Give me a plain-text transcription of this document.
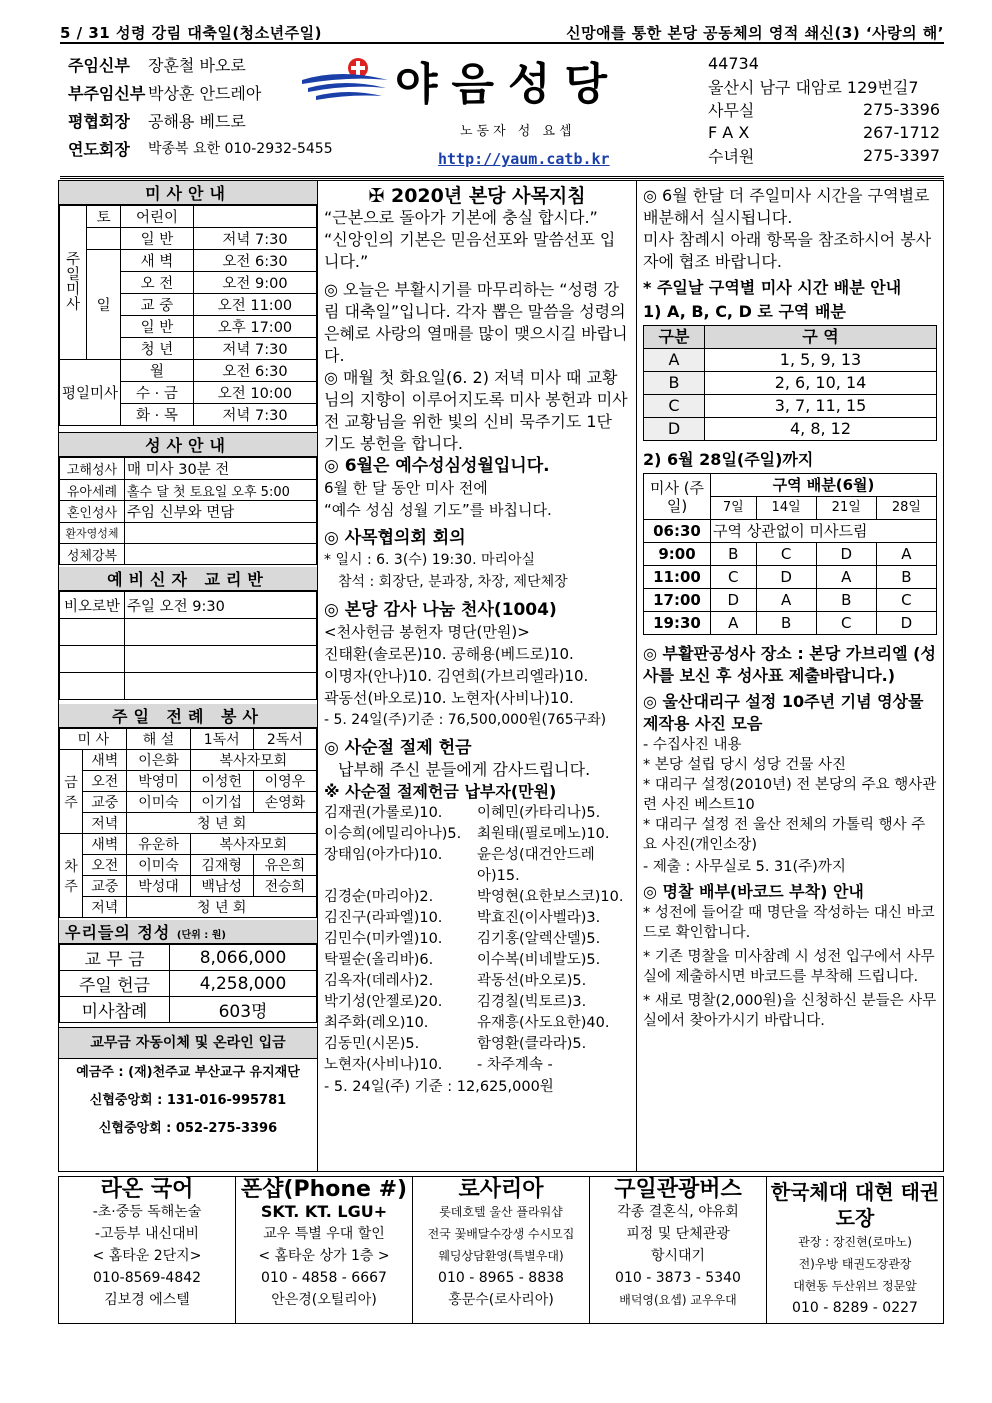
5 / 31 성령 강림 대축일(청소년주일)	신망애를 통한 본당 공동체의 영적 쇄신(3) ‘사랑의 해’
주임신부	장훈철 바오로
부주임신부 박상훈 안드레아
평협회장	공해용 베드로
연도회장	박종복 요한 010-2932-5455
야음성당
노동자 성 요셉
http://yaum.catb.kr
44734
울산시 남구 대암로 129번길7
사무실	275-3396
F A X	267-1712
수녀원	275-3397
미사안내
주일미사	토	어린이	
		일 반	저녁 7:30
	일	새 벽	오전 6:30
		오 전	오전 9:00
		교 중	오전 11:00
		일 반	오후 17:00
		청 년	저녁 7:30
평일미사		월	오전 6:30
		수 · 금	오전 10:00
		화 · 목	저녁 7:30
성사안내
고해성사	매 미사 30분 전
유아세례	홀수 달 첫 토요일 오후 5:00
혼인성사	주임 신부와 면담
환자영성체	
성체강복	
예비신자 교리반
비오로반	주일 오전 9:30

주일 전례 봉사
미 사		해 설	1독서	2독서
금주	새벽	이은화	복사자모회	
	오전	박영미	이성헌	이영우
	교중	이미숙	이기섭	손영화
	저녁	청 년 회		
차주	새벽	유운하	복사자모회	
	오전	이미숙	김재형	유은희
	교중	박성대	백남성	전승희
	저녁	청 년 회		
우리들의 정성 (단위 : 원)
교 무 금	8,066,000
주일 헌금	4,258,000
미사참례	603명
교무금 자동이체 및 온라인 입금
예금주 : (재)천주교 부산교구 유지재단
신협중앙회 : 131-016-995781
신협중앙회 : 052-275-3396

✠ 2020년 본당 사목지침

“근본으로 돌아가 기본에 충실 합시다.”

“신앙인의 기본은 믿음선포와 말씀선포 입니다.”

◎ 오늘은 부활시기를 마무리하는 “성령 강림 대축일”입니다. 각자 뽑은 말씀을 성령의 은혜로 사랑의 열매를 많이 맺으시길 바랍니다.

◎ 매월 첫 화요일(6. 2) 저녁 미사 때 교황님의 지향이 이루어지도록 미사 봉헌과 미사 전 교황님을 위한 빛의 신비 묵주기도 1단 기도 봉헌을 합니다.

◎ 6월은 예수성심성월입니다.

6월 한 달 동안 미사 전에

“예수 성심 성월 기도”를 바칩니다.

◎ 사목협의회 회의

* 일시 : 6. 3(수) 19:30. 마리아실

참석 : 회장단, 분과장, 차장, 제단체장

◎ 본당 감사 나눔 천사(1004)

<천사헌금 봉헌자 명단(만원)>

진태환(솔로몬)10. 공해용(베드로)10.

이명자(안나)10. 김연희(가브리엘라)10.

곽동선(바오로)10. 노현자(사비나)10.

- 5. 24일(주)기준 : 76,500,000원(765구좌)

◎ 사순절 절제 헌금

납부해 주신 분들에게 감사드립니다.

※ 사순절 절제헌금 납부자(만원)

김재권(가롤로)10.	이혜민(카타리나)5.
이승희(에밀리아나)5.	최원태(필로메노)10.
장태임(아가다)10.	윤은성(대건안드레아)15.
김경순(마리아)2.	박영현(요한보스코)10.
김진구(라파엘)10.	박효진(이사벨라)3.
김민수(미카엘)10.	김기홍(알렉산델)5.
탁필순(올리바)6.	이수복(비네발도)5.
김옥자(데레사)2.	곽동선(바오로)5.
박기성(안젤로)20.	김경칠(빅토르)3.
최주화(레오)10.	유재흥(사도요한)40.
김동민(시몬)5.	함영환(클라라)5.
노현자(사비나)10.	- 차주계속 -

- 5. 24일(주) 기준 : 12,625,000원

◎ 6월 한달 더 주일미사 시간을 구역별로 배분해서 실시됩니다.

미사 참례시 아래 항목을 참조하시어 봉사자에 협조 바랍니다.

* 주일날 구역별 미사 시간 배분 안내

1) A, B, C, D 로 구역 배분

구분	구 역
A	1, 5, 9, 13
B	2, 6, 10, 14
C	3, 7, 11, 15
D	4, 8, 12

2) 6월 28일(주일)까지

미사 (주일)	구역 배분(6월)			
	7일	14일	21일	28일
06:30	구역 상관없이 미사드림			
9:00	B	C	D	A
11:00	C	D	A	B
17:00	D	A	B	C
19:30	A	B	C	D

◎ 부활판공성사 장소 : 본당 가브리엘 (성사를 보신 후 성사표 제출바랍니다.)

◎ 울산대리구 설정 10주년 기념 영상물 제작용 사진 모음

- 수집사진 내용

* 본당 설립 당시 성당 건물 사진

* 대리구 설정(2010년) 전 본당의 주요 행사관련 사진 베스트10

* 대리구 설정 전 울산 전체의 가톨릭 행사 주요 사진(개인소장)

- 제출 : 사무실로 5. 31(주)까지

◎ 명찰 배부(바코드 부착) 안내

* 성전에 들어갈 때 명단을 작성하는 대신 바코드로 확인합니다.

* 기존 명찰을 미사참례 시 성전 입구에서 사무실에 제출하시면 바코드를 부착해 드립니다.

* 새로 명찰(2,000원)을 신청하신 분들은 사무실에서 찾아가시기 바랍니다.

라온 국어
-초·중등 독해논술
-고등부 내신대비
< 홈타운 2단지>
010-8569-4842
김보경 에스텔
폰샵(Phone #)
SKT. KT. LGU+
교우 특별 우대 할인
< 홈타운 상가 1층 >
010 - 4858 - 6667
안은경(오틸리아)
로사리아
롯데호텔 울산 플라워샵
전국 꽃배달수강생 수시모집
웨딩상담환영(특별우대)
010 - 8965 - 8838
홍문수(로사리아)
구일관광버스
각종 결혼식, 야유회
피정 및 단체관광
항시대기
010 - 3873 - 5340
배덕영(요셉) 교우우대
한국체대 대현 태권도장
관장 : 장진현(로마노)
전)우방 태권도장관장
대현동 두산위브 정문앞
010 - 8289 - 0227
